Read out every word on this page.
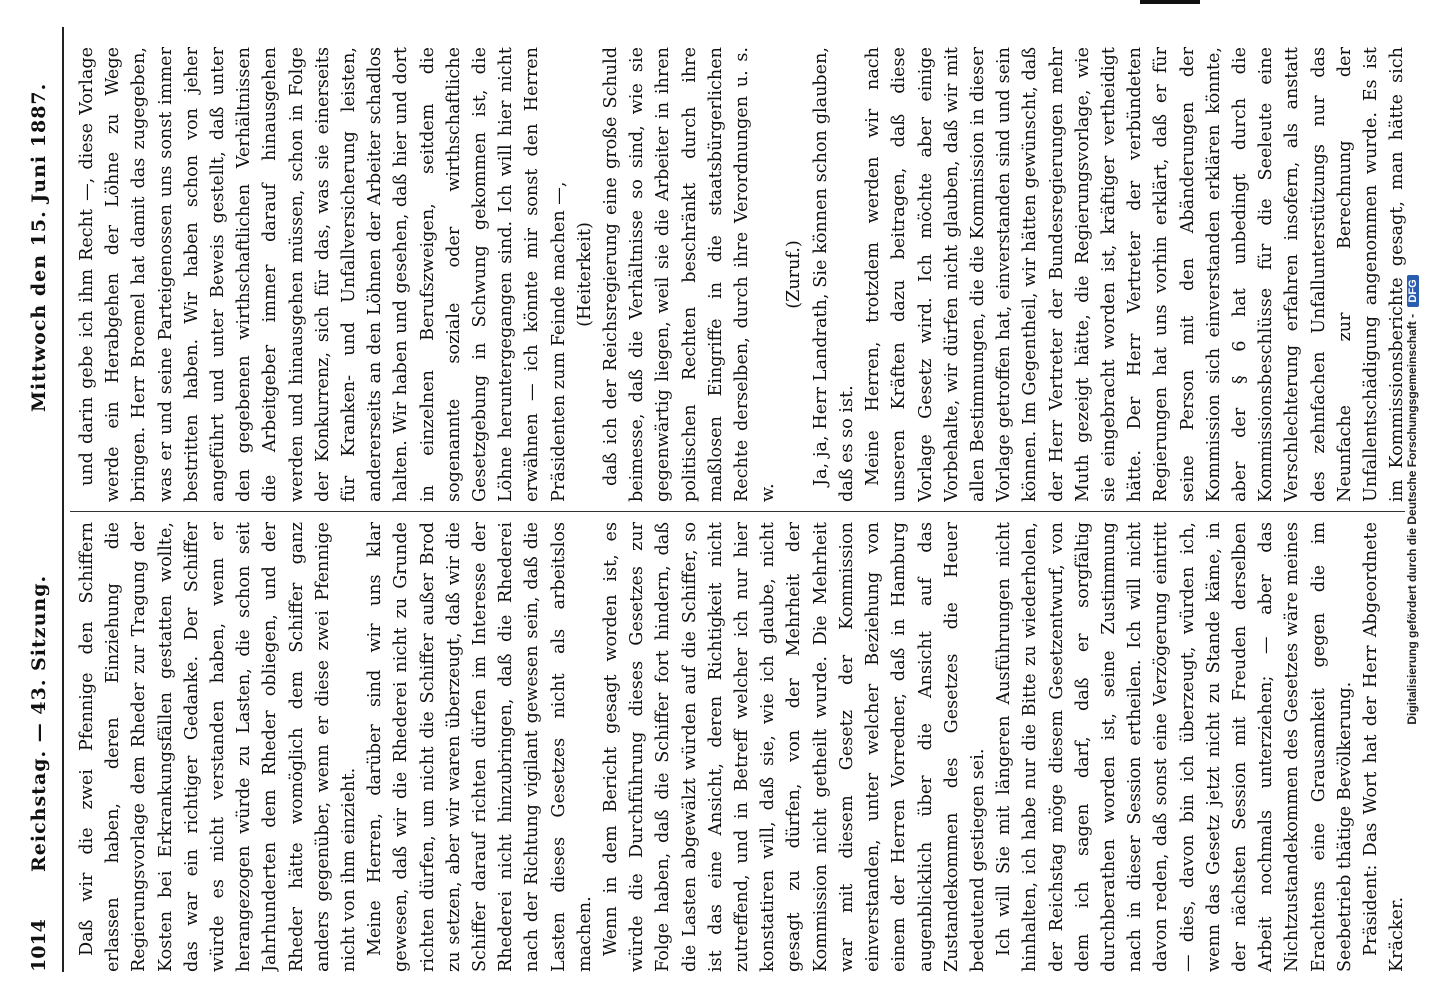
1014
Reichstag. — 43. Sitzung.
Mittwoch den 15. Juni 1887.

Daß wir die zwei Pfennige den Schiffern erlassen haben, deren Einziehung die Regierungsvorlage dem Rheder zur Tragung der Kosten bei Erkrankungsfällen gestatten wollte, das war ein richtiger Gedanke. Der Schiffer würde es nicht verstanden haben, wenn er herangezogen würde zu Lasten, die schon seit Jahrhunderten dem Rheder obliegen, und der Rheder hätte womöglich dem Schiffer ganz anders gegenüber, wenn er diese zwei Pfennige nicht von ihm einzieht. Meine Herren, darüber sind wir uns klar gewesen, daß wir die Rhederei nicht zu Grunde richten dürfen, um nicht die Schiffer außer Brod zu setzen, aber wir waren überzeugt, daß wir die Schiffer darauf richten dürfen im Interesse der Rhederei nicht hinzubringen, daß die Rhederei nach der Richtung vigilant gewesen sein, daß die Lasten dieses Gesetzes nicht als arbeitslos machen. Wenn in dem Bericht gesagt worden ist, es würde die Durchführung dieses Gesetzes zur Folge haben, daß die Schiffer fort hindern, daß die Lasten abgewälzt würden auf die Schiffer, so ist das eine Ansicht, deren Richtigkeit nicht zutreffend, und in Betreff welcher ich nur hier konstatiren will, daß sie, wie ich glaube, nicht gesagt zu dürfen, von der Mehrheit der Kommission nicht getheilt wurde. Die Mehrheit war mit diesem Gesetz der Kommission einverstanden, unter welcher Beziehung von einem der Herren Vorredner, daß in Hamburg augenblicklich über die Ansicht auf das Zustandekommen des Gesetzes die Heuer bedeutend gestiegen sei. Ich will Sie mit längeren Ausführungen nicht hinhalten, ich habe nur die Bitte zu wiederholen, der Reichstag möge diesem Gesetzentwurf, von dem ich sagen darf, daß er sorgfältig durchberathen worden ist, seine Zustimmung nach in dieser Session ertheilen. Ich will nicht davon reden, daß sonst eine Verzögerung eintritt — dies, davon bin ich überzeugt, würden ich, wenn das Gesetz jetzt nicht zu Stande käme, in der nächsten Session mit Freuden derselben Arbeit nochmals unterziehen; — aber das Nichtzustandekommen des Gesetzes wäre meines Erachtens eine Grausamkeit gegen die im Seebetrieb thätige Bevölkerung. Präsident: Das Wort hat der Herr Abgeordnete Kräcker.

und darin gebe ich ihm Recht —, diese Vorlage werde ein Herabgehen der Löhne zu Wege bringen. Herr Broemel hat damit das zugegeben, was er und seine Parteigenossen uns sonst immer bestritten haben. Wir haben schon von jeher angeführt und unter Beweis gestellt, daß unter den gegebenen wirthschaftlichen Verhältnissen die Arbeitgeber immer darauf hinausgehen werden und hinausgehen müssen, schon in Folge der Konkurrenz, sich für das, was sie einerseits für Kranken- und Unfallversicherung leisten, andererseits an den Löhnen der Arbeiter schadlos halten. Wir haben und gesehen, daß hier und dort in einzelnen Berufszweigen, seitdem die sogenannte soziale oder wirthschaftliche Gesetzgebung in Schwung gekommen ist, die Löhne heruntergegangen sind. Ich will hier nicht erwähnen — ich könnte mir sonst den Herren Präsidenten zum Feinde machen —, (Heiterkeit) daß ich der Reichsregierung eine große Schuld beimesse, daß die Verhältnisse so sind, wie sie gegenwärtig liegen, weil sie die Arbeiter in ihren politischen Rechten beschränkt durch ihre maßlosen Eingriffe in die staatsbürgerlichen Rechte derselben, durch ihre Verordnungen u. s. w.

(Zuruf.) Ja, ja, Herr Landrath, Sie können schon glauben, daß es so ist. Meine Herren, trotzdem werden wir nach unseren Kräften dazu beitragen, daß diese Vorlage Gesetz wird. Ich möchte aber einige Vorbehalte, wir dürfen nicht glauben, daß wir mit allen Bestimmungen, die die Kommission in dieser Vorlage getroffen hat, einverstanden sind und sein können. Im Gegentheil, wir hätten gewünscht, daß der Herr Vertreter der Bundesregierungen mehr Muth gezeigt hätte, die Regierungsvorlage, wie sie eingebracht worden ist, kräftiger vertheidigt hätte. Der Herr Vertreter der verbündeten Regierungen hat uns vorhin erklärt, daß er für seine Person mit den Abänderungen der Kommission sich einverstanden erklären könnte, aber der § 6 hat unbedingt durch die Kommissionsbeschlüsse für die Seeleute eine Verschlechterung erfahren insofern, als anstatt des zehnfachen Unfallunterstützungs nur das Neunfache zur Berechnung der Unfallentschädigung angenommen wurde. Es ist im Kommissionsberichte gesagt, man hätte sich

Digitalisierung gefördert durch die Deutsche Forschungsgemeinschaft - DFG
